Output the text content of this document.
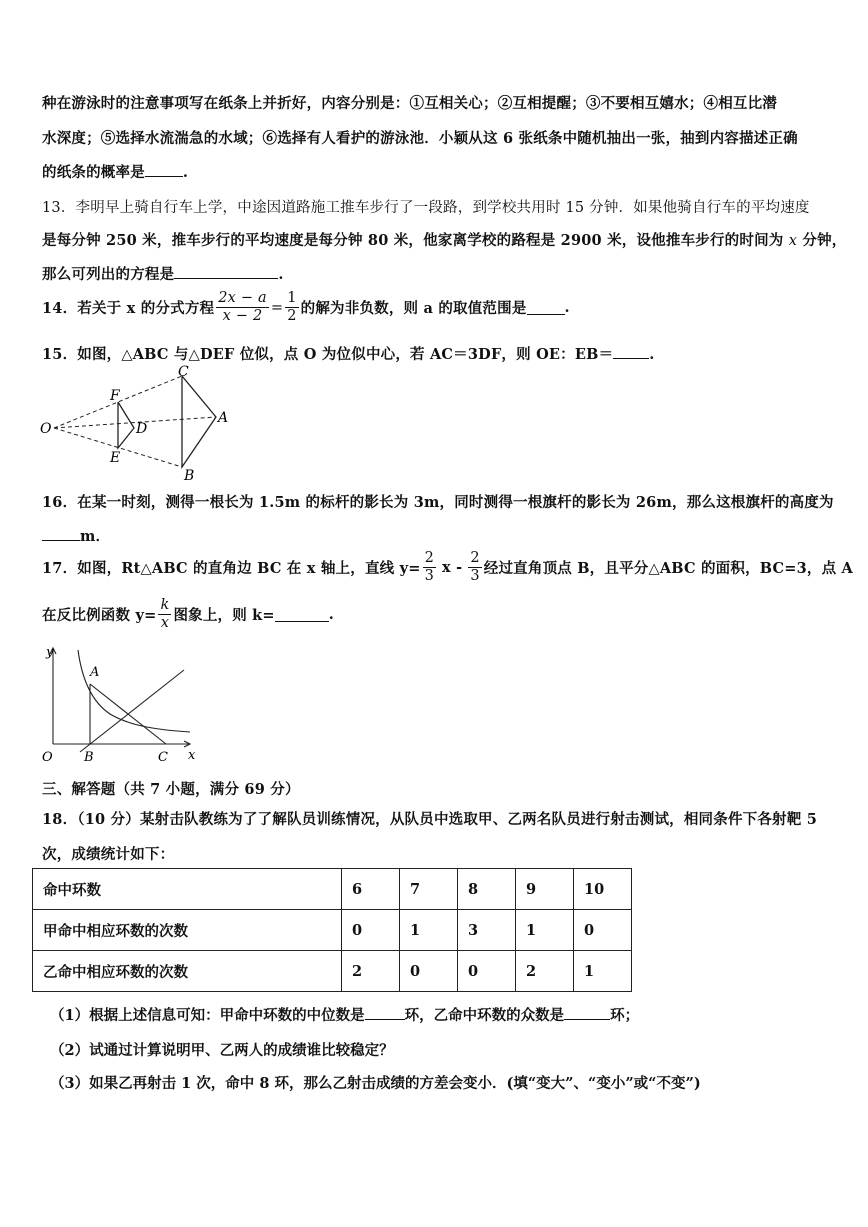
种在游泳时的注意事项写在纸条上并折好，内容分别是：①互相关心；②互相提醒；③不要相互嬉水；④相互比潜
水深度；⑤选择水流湍急的水域；⑥选择有人看护的游泳池．小颖从这 6 张纸条中随机抽出一张，抽到内容描述正确
的纸条的概率是	.
13．李明早上骑自行车上学，中途因道路施工推车步行了一段路，到学校共用时 15 分钟．如果他骑自行车的平均速度
是每分钟 250 米，推车步行的平均速度是每分钟 80 米，他家离学校的路程是 2900 米，设他推车步行的时间为 x 分钟，
那么可列出的方程是	.
14．若关于 x 的分式方程 $\frac{2x - a}{x - 2} = \frac{1}{2}$ 的解为非负数，则 a 的取值范围是	.
15．如图，△ABC 与△DEF 位似，点 O 为位似中心，若 AC＝3DF，则 OE：EB＝ .
O
F
E
D
C
A
B
16．在某一时刻，测得一根长为 1.5m 的标杆的影长为 3m，同时测得一根旗杆的影长为 26m，那么这根旗杆的高度为
m．
17．如图，Rt△ABC 的直角边 BC 在 x 轴上，直线 $y= \frac{2}{3}$ x - $\frac{2}{3}$ 经过直角顶点 B，且平分△ABC 的面积，BC=3，点 A
在反比例函数 $y= \frac{k}{x}$ 图象上，则 k=	.
y
A
O B	C x
三、解答题（共 7 小题，满分 69 分）
18．（10 分）某射击队教练为了了解队员训练情况，从队员中选取甲、乙两名队员进行射击测试，相同条件下各射靶 5
次，成绩统计如下：
命中环数	6	7	8	9	10
甲命中相应环数的次数	0	1	3	1	0
乙命中相应环数的次数	2	0	0	2	1
（1）根据上述信息可知：甲命中环数的中位数是	环，乙命中环数的众数是	环；
（2）试通过计算说明甲、乙两人的成绩谁比较稳定？
（3）如果乙再射击 1 次，命中 8 环，那么乙射击成绩的方差会变小．(填“变大”、“变小”或“不变”)
